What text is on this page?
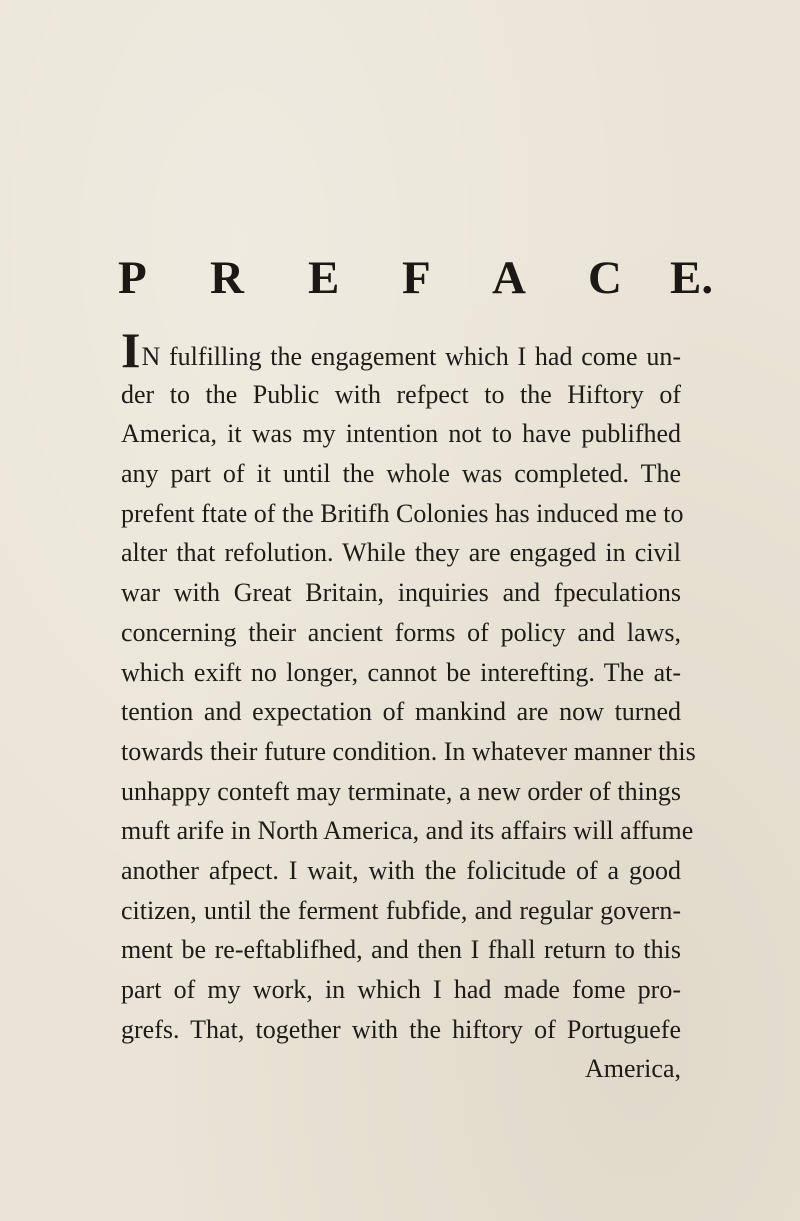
P R E F A C E.
IN fulfilling the engagement which I had come un-
der to the Public with refpect to the Hiftory of
America, it was my intention not to have publifhed
any part of it until the whole was completed. The
prefent ftate of the Britifh Colonies has induced me to
alter that refolution. While they are engaged in civil
war with Great Britain, inquiries and fpeculations
concerning their ancient forms of policy and laws,
which exift no longer, cannot be interefting. The at-
tention and expectation of mankind are now turned
towards their future condition. In whatever manner this
unhappy conteft may terminate, a new order of things
muft arife in North America, and its affairs will affume
another afpect. I wait, with the folicitude of a good
citizen, until the ferment fubfide, and regular govern-
ment be re-eftablifhed, and then I fhall return to this
part of my work, in which I had made fome pro-
grefs. That, together with the hiftory of Portuguefe
America,
